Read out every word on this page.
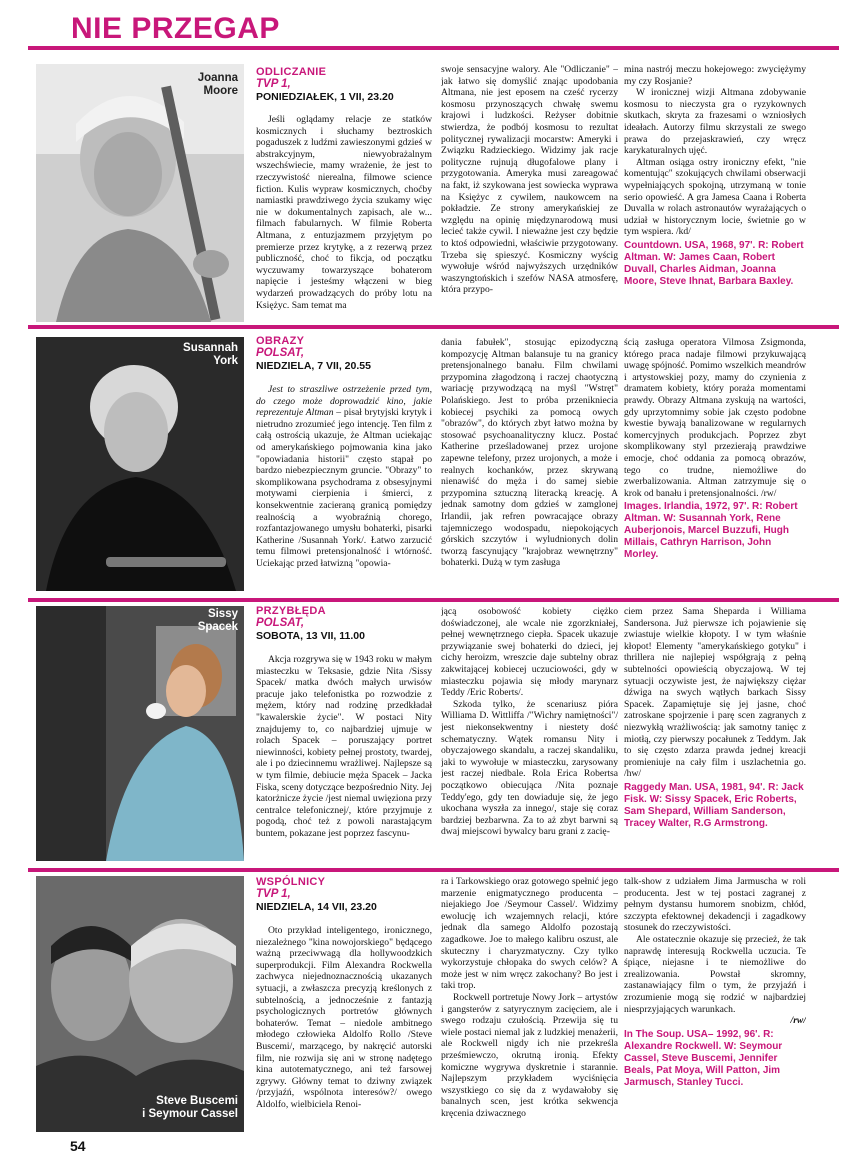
NIE PRZEGAP
Joanna
Moore
ODLICZANIE
TVP 1,
PONIEDZIAŁEK, 1 VII, 23.20

Jeśli oglądamy relacje ze statków kosmicznych i słuchamy beztroskich pogaduszek z ludźmi zawieszonymi gdzieś w abstrakcyjnym, niewyobrażalnym wszechświecie, mamy wrażenie, że jest to rzeczywistość nierealna, filmowe science fiction. Kulis wypraw kosmicznych, choćby namiastki prawdziwego życia szukamy więc nie w dokumentalnych zapisach, ale w... filmach fabularnych. W filmie Roberta Altmana, z entuzjazmem przyjętym po premierze przez krytykę, a z rezerwą przez publiczność, choć to fikcja, od początku wyczuwamy towarzyszące bohaterom napięcie i jesteśmy włączeni w bieg wydarzeń prowadzących do próby lotu na Księżyc. Sam temat ma

swoje sensacyjne walory. Ale "Odliczanie" – jak łatwo się domyślić znając upodobania Altmana, nie jest eposem na cześć rycerzy kosmosu przynoszących chwałę swemu krajowi i ludzkości. Reżyser dobitnie stwierdza, że podbój kosmosu to rezultat politycznej rywalizacji mocarstw: Ameryki i Związku Radzieckiego. Widzimy jak racje polityczne rujnują długofalowe plany i przygotowania. Ameryka musi zareagować na fakt, iż szykowana jest sowiecka wyprawa na Księżyc z cywilem, naukowcem na pokładzie. Ze strony amerykańskiej ze względu na opinię międzynarodową musi lecieć także cywil. I nieważne jest czy będzie to ktoś odpowiedni, właściwie przygotowany. Trzeba się spieszyć. Kosmiczny wyścig wywołuje wśród najwyższych urzędników waszyngtońskich i szefów NASA atmosferę, która przypo-

mina nastrój meczu hokejowego: zwyciężymy my czy Rosjanie?

W ironicznej wizji Altmana zdobywanie kosmosu to nieczysta gra o ryzykownych skutkach, skryta za frazesami o wzniosłych ideałach. Autorzy filmu skrzystali ze swego prawa do przejaskrawień, czy wręcz karykaturalnych ujęć.

Altman osiąga ostry ironiczny efekt, "nie komentując" szokujących chwilami obserwacji wypełniających spokojną, utrzymaną w tonie serio opowieść. A gra Jamesa Caana i Roberta Duvalla w rolach astronautów wyrażających o udział w historycznym locie, świetnie go w tym wspiera. /kd/

Countdown. USA, 1968, 97'. R: Robert Altman. W: James Caan, Robert Duvall, Charles Aidman, Joanna Moore, Steve Ihnat, Barbara Baxley.
Susannah
York
OBRAZY
POLSAT,
NIEDZIELA, 7 VII, 20.55

Jest to straszliwe ostrzeżenie przed tym, do czego może doprowadzić kino, jakie reprezentuje Altman – pisał brytyjski krytyk i nietrudno zrozumieć jego intencję. Ten film z całą ostrością ukazuje, że Altman uciekając od amerykańskiego pojmowania kina jako "opowiadania historii" często stąpał po bardzo niebezpiecznym gruncie. "Obrazy" to skomplikowana psychodrama z obsesyjnymi motywami cierpienia i śmierci, z konsekwentnie zacieraną granicą pomiędzy realnością a wyobraźnią chorego, rozfantazjowanego umysłu bohaterki, pisarki Katherine /Susannah York/. Łatwo zarzucić temu filmowi pretensjonalność i wtórność. Uciekając przed łatwizną "opowia-

dania fabułek", stosując epizodyczną kompozycję Altman balansuje tu na granicy pretensjonalnego banału. Film chwilami przypomina złagodzoną i raczej chaotyczną wariację przywodzącą na myśl "Wstręt" Polańskiego. Jest to próba przenikniecia kobiecej psychiki za pomocą owych "obrazów", do których zbyt łatwo można by stosować psychoanalityczny klucz. Postać Katherine prześladowanej przez urojone zapewne telefony, przez urojonych, a może i realnych kochanków, przez skrywaną nienawiść do męża i do samej siebie przypomina sztuczną literacką kreację. A jednak samotny dom gdzieś w zamglonej Irlandii, jak refren powracające obrazy tajemniczego wodospadu, niepokojących górskich szczytów i wyludnionych dolin tworzą fascynujący "krajobraz wewnętrzny" bohaterki. Dużą w tym zasługa

ścią zasługa operatora Vilmosa Zsigmonda, którego praca nadaje filmowi przykuwającą uwagę spójność. Pomimo wszelkich meandrów i artystowskiej pozy, mamy do czynienia z dramatem kobiety, który poraża momentami prawdy. Obrazy Altmana zyskują na wartości, gdy uprzytomnimy sobie jak często podobne kwestie bywają banalizowane w regularnych komercyjnych produkcjach. Poprzez zbyt skomplikowany styl przezierają prawdziwe emocje, choć oddania za pomocą obrazów, tego co trudne, niemożliwe do zwerbalizowania. Altman zatrzymuje się o krok od banału i pretensjonalności. /rw/

Images. Irlandia, 1972, 97'. R: Robert Altman. W: Susannah York, Rene Auberjonois, Marcel Buzzufi, Hugh Millais, Cathryn Harrison, John Morley.
Sissy
Spacek
PRZYBŁĘDA
POLSAT,
SOBOTA, 13 VII, 11.00

Akcja rozgrywa się w 1943 roku w małym miasteczku w Teksasie, gdzie Nita /Sissy Spacek/ matka dwóch małych urwisów pracuje jako telefonistka po rozwodzie z mężem, który nad rodzinę przedkładał "kawalerskie życie". W postaci Nity znajdujemy to, co najbardziej ujmuje w rolach Spacek – poruszający portret niewinności, kobiety pełnej prostoty, twardej, ale i po dziecinnemu wrażliwej. Najlepsze są w tym filmie, debiucie męża Spacek – Jacka Fiska, sceny dotyczące bezpośrednio Nity. Jej katorżnicze życie /jest niemal uwięziona przy centralce telefonicznej/, które przyjmuje z pogodą, choć też z powoli narastającym buntem, pokazane jest poprzez fascynu-

jącą osobowość kobiety ciężko doświadczonej, ale wcale nie zgorzkniałej, pełnej wewnętrznego ciepła. Spacek ukazuje przywiązanie swej bohaterki do dzieci, jej cichy heroizm, wreszcie daje subtelny obraz zakwitającej kobiecej uczuciowości, gdy w miasteczku pojawia się młody marynarz Teddy /Eric Roberts/.

Szkoda tylko, że scenariusz pióra Williama D. Wittliffa /"Wichry namiętności"/ jest niekonsekwentny i niestety dość schematyczny. Wątek romansu Nity i obyczajowego skandalu, a raczej skandaliku, jaki to wywołuje w miasteczku, zarysowany jest raczej niedbale. Rola Erica Robertsa początkowo obiecująca /Nita poznaje Teddy'ego, gdy ten dowiaduje się, że jego ukochana wyszła za innego/, staje się coraz bardziej bezbarwna. Za to aż zbyt barwni są dwaj miejscowi bywalcy baru grani z zacię-

ciem przez Sama Sheparda i Williama Sandersona. Już pierwsze ich pojawienie się zwiastuje wielkie kłopoty. I w tym właśnie kłopot! Elementy "amerykańskiego gotyku" i thrillera nie najlepiej współgrają z pełną subtelności opowieścią obyczajową. W tej sytuacji oczywiste jest, że największy ciężar dźwiga na swych wątłych barkach Sissy Spacek. Zapamiętuje się jej jasne, choć zatroskane spojrzenie i parę scen zagranych z niezwykłą wrażliwością: jak samotny tanięc z miotłą, czy pierwszy pocałunek z Teddym. Jak to się często zdarza prawda jednej kreacji promieniuje na cały film i uszlachetnia go. /hw/

Raggedy Man. USA, 1981, 94'. R: Jack Fisk. W: Sissy Spacek, Eric Roberts, Sam Shepard, William Sanderson, Tracey Walter, R.G Armstrong.
Steve Buscemi
i Seymour Cassel
WSPÓLNICY
TVP 1,
NIEDZIELA, 14 VII, 23.20

Oto przykład inteligentego, ironicznego, niezależnego "kina nowojorskiego" będącego ważną przeciwwagą dla hollywoodzkich superprodukcji. Film Alexandra Rockwella zachwyca niejednoznacznością ukazanych sytuacji, a zwłaszcza precyzją kreślonych z subtelnością, a jednocześnie z fantazją psychologicznych portretów głównych bohaterów. Temat – niedole ambitnego młodego człowieka Aldolfo Rollo /Steve Buscemi/, marzącego, by nakręcić autorski film, nie rozwija się ani w stronę nadętego kina autotematycznego, ani też farsowej zgrywy. Główny temat to dziwny związek /przyjaźń, wspólnota interesów?/ owego Aldolfo, wielbiciela Renoi-

ra i Tarkowskiego oraz gotowego spełnić jego marzenie enigmatycznego producenta – niejakiego Joe /Seymour Cassel/. Widzimy ewolucję ich wzajemnych relacji, które jednak dla samego Aldolfo pozostają zagadkowe. Joe to małego kalibru oszust, ale skuteczny i charyzmatyczny. Czy tylko wykorzystuje chłopaka do swych celów? A może jest w nim wręcz zakochany? Bo jest i taki trop.

Rockwell portretuje Nowy Jork – artystów i gangsterów z satyrycznym zacięciem, ale i swego rodzaju czułością. Przewija się tu wiele postaci niemal jak z ludzkiej menażerii, ale Rockwell nigdy ich nie przekreśla prześmiewczo, okrutną ironią. Efekty komiczne wygrywa dyskretnie i starannie. Najlepszym przykładem wyciśnięcia wszystkiego co się da z wydawałoby się banalnych scen, jest krótka sekwencja kręcenia dziwacznego

talk-show z udziałem Jima Jarmuscha w roli producenta. Jest w tej postaci zagranej z pełnym dystansu humorem snobizm, chłód, szczypta efektownej dekadencji i zagadkowy stosunek do rzeczywistości.

Ale ostatecznie okazuje się przecież, że tak naprawdę interesują Rockwella uczucia. Te śpiące, niejasne i te niemożliwe do zrealizowania. Powstał skromny, zastanawiający film o tym, że przyjaźń i zrozumienie mogą się rodzić w najbardziej niesprzyjających warunkach.

/rw/
In The Soup. USA– 1992, 96'. R: Alexandre Rockwell. W: Seymour Cassel, Steve Buscemi, Jennifer Beals, Pat Moya, Will Patton, Jim Jarmusch, Stanley Tucci.
54
